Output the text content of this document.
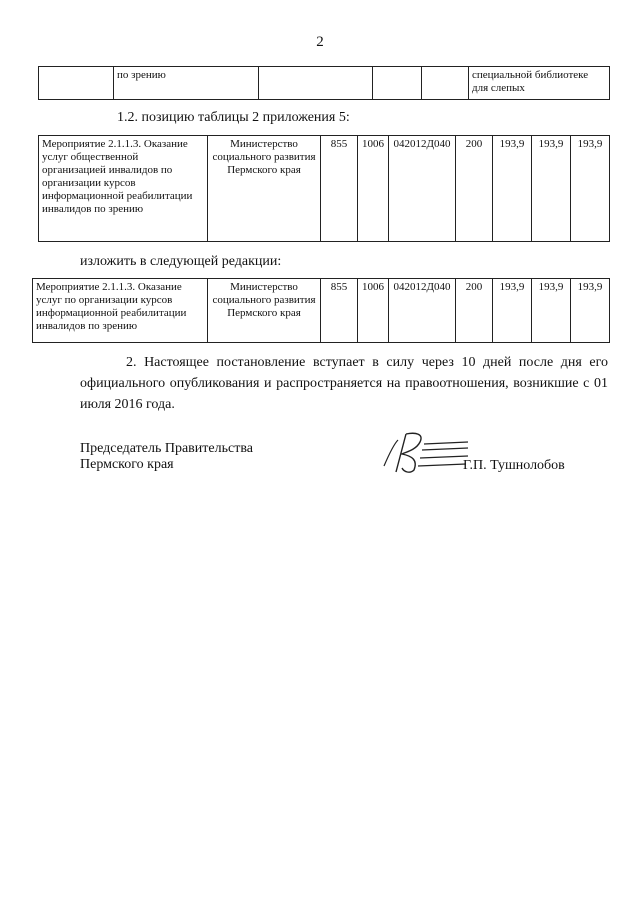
2
	по зрению				специальной библиотеке для слепых
1.2. позицию таблицы 2 приложения 5:
Мероприятие 2.1.1.3. Оказание услуг общественной организацией инвалидов по организации курсов информационной реабилитации инвалидов по зрению	Министерство социального развития Пермского края	855	1006	042012Д040	200	193,9	193,9	193,9
изложить в следующей редакции:
Мероприятие 2.1.1.3. Оказание услуг по организации курсов информационной реабилитации инвалидов по зрению	Министерство социального развития Пермского края	855	1006	042012Д040	200	193,9	193,9	193,9
2. Настоящее постановление вступает в силу через 10 дней после дня его официального опубликования и распространяется на правоотношения, возникшие с 01 июля 2016 года.
Председатель Правительства
Пермского края	Г.П. Тушнолобов
